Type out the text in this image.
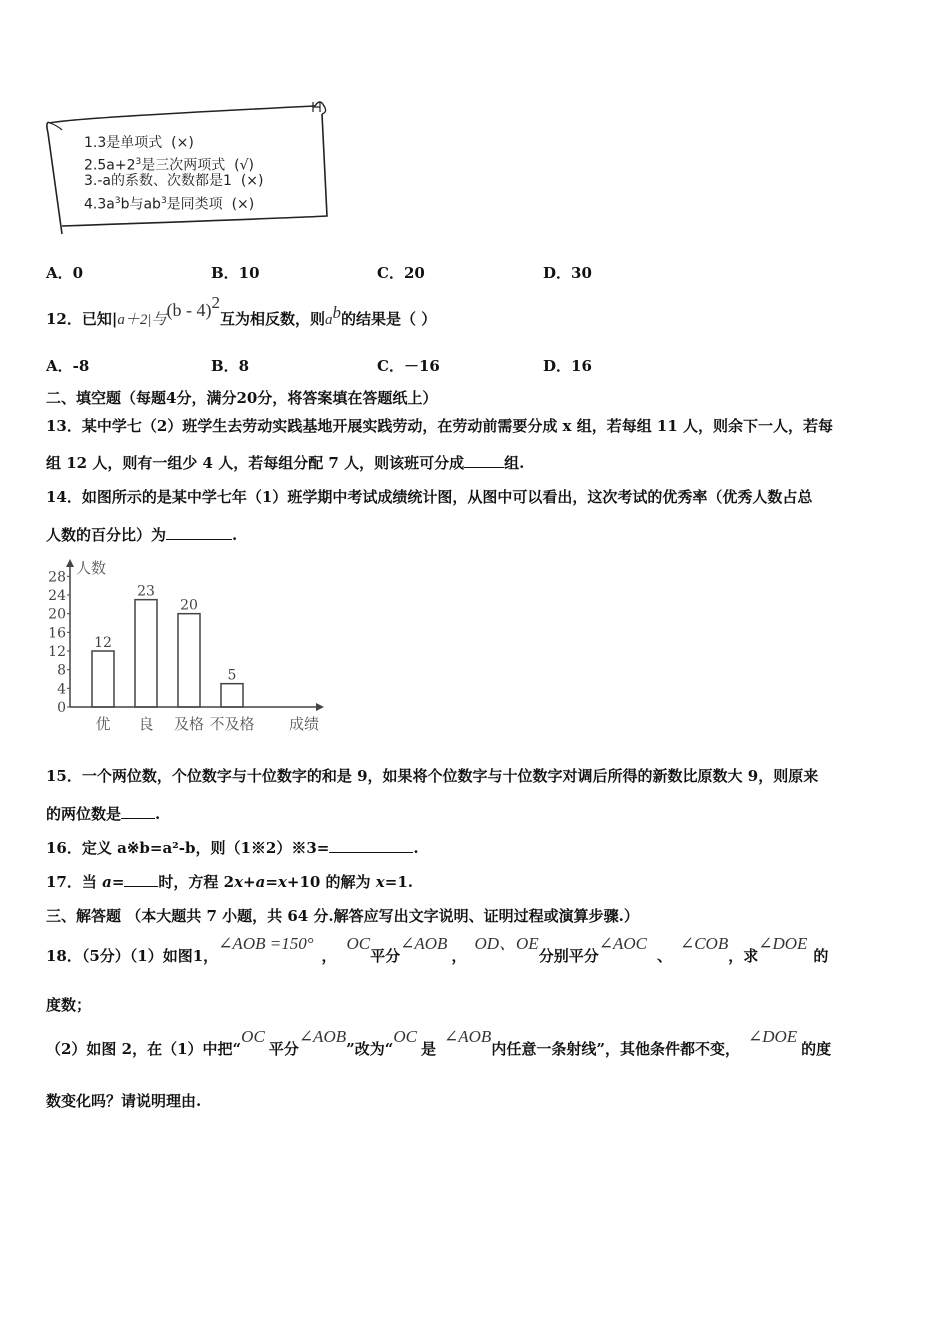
1.3是单项式 (×)
$2.5a+2^3$是三次两项式 (√)
3.-a的系数、次数都是1 (×)
$4.3a^3b$与$ab^3$是同类项 (×)
A．0	B．10	C．20	D．30
12．已知|a＋2|与(b - 4)$^2$互为相反数，则$a^b$的结果是（ ）
A．-8	B．8	C．－16	D．16
二、填空题（每题4分，满分20分，将答案填在答题纸上）
13．某中学七（2）班学生去劳动实践基地开展实践劳动，在劳动前需要分成 x 组，若每组 11 人，则余下一人，若每
组 12 人，则有一组少 4 人，若每组分配 7 人，则该班可分成	组.
14．如图所示的是某中学七年（1）班学期中考试成绩统计图，从图中可以看出，这次考试的优秀率（优秀人数占总
人数的百分比）为	.
人数
0
4
8
12
16
20
24
28
12
优
23
良
20
及格
5
不及格 成绩
15．一个两位数，个位数字与十位数字的和是 9，如果将个位数字与十位数字对调后所得的新数比原数大 9，则原来
的两位数是 .
16．定义 a※b=a²-b，则（1※2）※3=	.
17．当 a= 时，方程 2x+a=x+10 的解为 x=1.
三、解答题 （本大题共 7 小题，共 64 分.解答应写出文字说明、证明过程或演算步骤.）
18．（5分）（1）如图1，∠AOB =150°，OC平分∠AOB，OD、OE分别平分∠AOC、∠COB，求∠DOE的
度数；
（2）如图 2，在（1）中把“OC平分∠AOB”改为“OC是∠AOB内任意一条射线”，其他条件都不变，∠DOE的度
数变化吗？请说明理由.
